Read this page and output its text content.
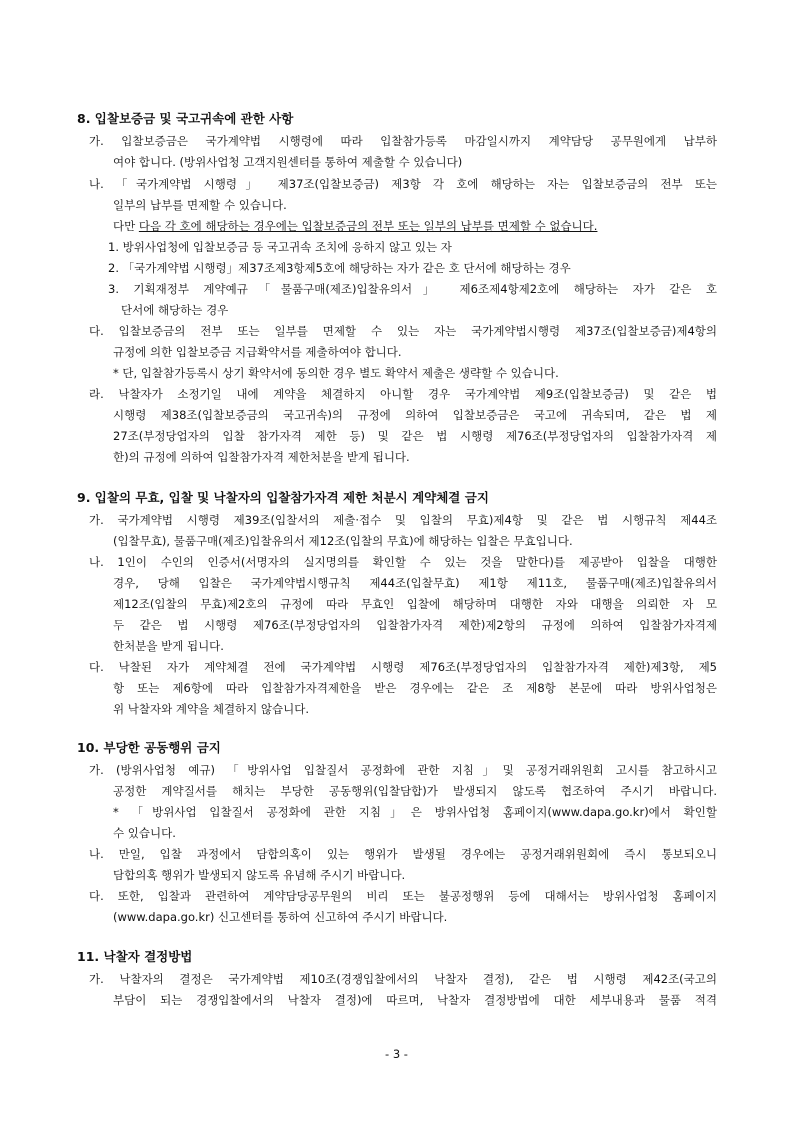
8. 입찰보증금 및 국고귀속에 관한 사항
가. 입찰보증금은 국가계약법 시행령에 따라 입찰참가등록 마감일시까지 계약담당 공무원에게 납부하
여야 합니다. (방위사업청 고객지원센터를 통하여 제출할 수 있습니다)
나. 「국가계약법 시행령」 제37조(입찰보증금) 제3항 각 호에 해당하는 자는 입찰보증금의 전부 또는
일부의 납부를 면제할 수 있습니다.
다만 다음 각 호에 해당하는 경우에는 입찰보증금의 전부 또는 일부의 납부를 면제할 수 없습니다.
1. 방위사업청에 입찰보증금 등 국고귀속 조치에 응하지 않고 있는 자
2. 「국가계약법 시행령」제37조제3항제5호에 해당하는 자가 같은 호 단서에 해당하는 경우
3. 기획재정부 계약예규「물품구매(제조)입찰유의서」 제6조제4항제2호에 해당하는 자가 같은 호
단서에 해당하는 경우
다. 입찰보증금의 전부 또는 일부를 면제할 수 있는 자는 국가계약법시행령 제37조(입찰보증금)제4항의
규정에 의한 입찰보증금 지급확약서를 제출하여야 합니다.
* 단, 입찰참가등록시 상기 확약서에 동의한 경우 별도 확약서 제출은 생략할 수 있습니다.
라. 낙찰자가 소정기일 내에 계약을 체결하지 아니할 경우 국가계약법 제9조(입찰보증금) 및 같은 법
시행령 제38조(입찰보증금의 국고귀속)의 규정에 의하여 입찰보증금은 국고에 귀속되며, 같은 법 제
27조(부정당업자의 입찰 참가자격 제한 등) 및 같은 법 시행령 제76조(부정당업자의 입찰참가자격 제
한)의 규정에 의하여 입찰참가자격 제한처분을 받게 됩니다.
9. 입찰의 무효, 입찰 및 낙찰자의 입찰참가자격 제한 처분시 계약체결 금지
가. 국가계약법 시행령 제39조(입찰서의 제출·접수 및 입찰의 무효)제4항 및 같은 법 시행규칙 제44조
(입찰무효), 물품구매(제조)입찰유의서 제12조(입찰의 무효)에 해당하는 입찰은 무효입니다.
나. 1인이 수인의 인증서(서명자의 실지명의를 확인할 수 있는 것을 말한다)를 제공받아 입찰을 대행한
경우, 당해 입찰은 국가계약법시행규칙 제44조(입찰무효) 제1항 제11호, 물품구매(제조)입찰유의서
제12조(입찰의 무효)제2호의 규정에 따라 무효인 입찰에 해당하며 대행한 자와 대행을 의뢰한 자 모
두 같은 법 시행령 제76조(부정당업자의 입찰참가자격 제한)제2항의 규정에 의하여 입찰참가자격제
한처분을 받게 됩니다.
다. 낙찰된 자가 계약체결 전에 국가계약법 시행령 제76조(부정당업자의 입찰참가자격 제한)제3항, 제5
항 또는 제6항에 따라 입찰참가자격제한을 받은 경우에는 같은 조 제8항 본문에 따라 방위사업청은
위 낙찰자와 계약을 체결하지 않습니다.
10. 부당한 공동행위 금지
가. (방위사업청 예규) 「방위사업 입찰질서 공정화에 관한 지침」및 공정거래위원회 고시를 참고하시고
공정한 계약질서를 해치는 부당한 공동행위(입찰담합)가 발생되지 않도록 협조하여 주시기 바랍니다.
* 「방위사업 입찰질서 공정화에 관한 지침」은 방위사업청 홈페이지(www.dapa.go.kr)에서 확인할
수 있습니다.
나. 만일, 입찰 과정에서 담합의혹이 있는 행위가 발생될 경우에는 공정거래위원회에 즉시 통보되오니
담합의혹 행위가 발생되지 않도록 유념해 주시기 바랍니다.
다. 또한, 입찰과 관련하여 계약담당공무원의 비리 또는 불공정행위 등에 대해서는 방위사업청 홈페이지
(www.dapa.go.kr) 신고센터를 통하여 신고하여 주시기 바랍니다.
11. 낙찰자 결정방법
가. 낙찰자의 결정은 국가계약법 제10조(경쟁입찰에서의 낙찰자 결정), 같은 법 시행령 제42조(국고의
부담이 되는 경쟁입찰에서의 낙찰자 결정)에 따르며, 낙찰자 결정방법에 대한 세부내용과 물품 적격
- 3 -
